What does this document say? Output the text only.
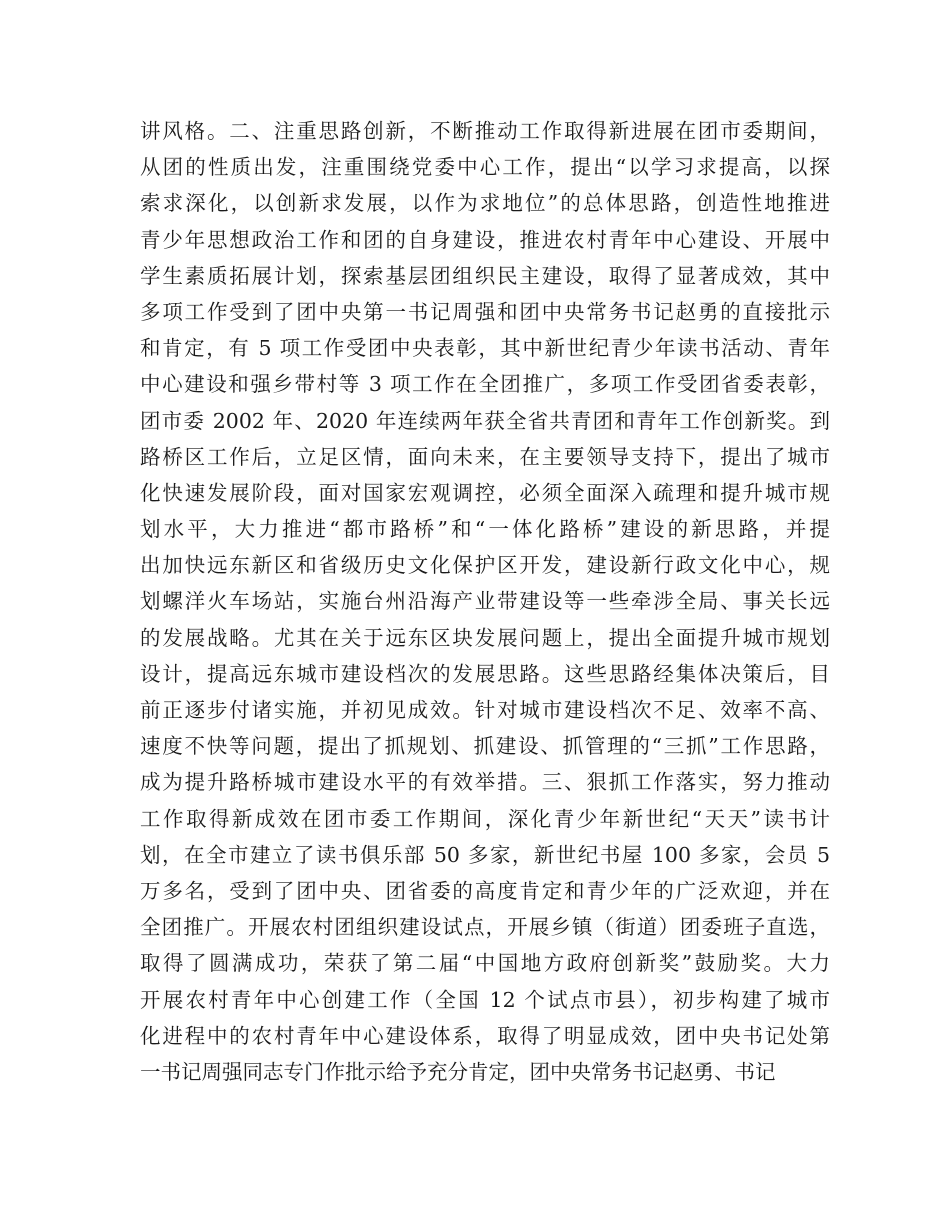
讲风格。二、注重思路创新，不断推动工作取得新进展在团市委期间，
从团的性质出发，注重围绕党委中心工作，提出“以学习求提高，以探
索求深化，以创新求发展，以作为求地位”的总体思路，创造性地推进
青少年思想政治工作和团的自身建设，推进农村青年中心建设、开展中
学生素质拓展计划，探索基层团组织民主建设，取得了显著成效，其中
多项工作受到了团中央第一书记周强和团中央常务书记赵勇的直接批示
和肯定，有 5 项工作受团中央表彰，其中新世纪青少年读书活动、青年
中心建设和强乡带村等 3 项工作在全团推广，多项工作受团省委表彰，
团市委 2002 年、2020 年连续两年获全省共青团和青年工作创新奖。到
路桥区工作后，立足区情，面向未来，在主要领导支持下，提出了城市
化快速发展阶段，面对国家宏观调控，必须全面深入疏理和提升城市规
划水平，大力推进“都市路桥”和“一体化路桥”建设的新思路，并提
出加快远东新区和省级历史文化保护区开发，建设新行政文化中心，规
划螺洋火车场站，实施台州沿海产业带建设等一些牵涉全局、事关长远
的发展战略。尤其在关于远东区块发展问题上，提出全面提升城市规划
设计，提高远东城市建设档次的发展思路。这些思路经集体决策后，目
前正逐步付诸实施，并初见成效。针对城市建设档次不足、效率不高、
速度不快等问题，提出了抓规划、抓建设、抓管理的“三抓”工作思路，
成为提升路桥城市建设水平的有效举措。三、狠抓工作落实，努力推动
工作取得新成效在团市委工作期间，深化青少年新世纪“天天”读书计
划，在全市建立了读书俱乐部 50 多家，新世纪书屋 100 多家，会员 5
万多名，受到了团中央、团省委的高度肯定和青少年的广泛欢迎，并在
全团推广。开展农村团组织建设试点，开展乡镇（街道）团委班子直选，
取得了圆满成功，荣获了第二届“中国地方政府创新奖”鼓励奖。大力
开展农村青年中心创建工作（全国 12 个试点市县），初步构建了城市
化进程中的农村青年中心建设体系，取得了明显成效，团中央书记处第
一书记周强同志专门作批示给予充分肯定，团中央常务书记赵勇、书记
